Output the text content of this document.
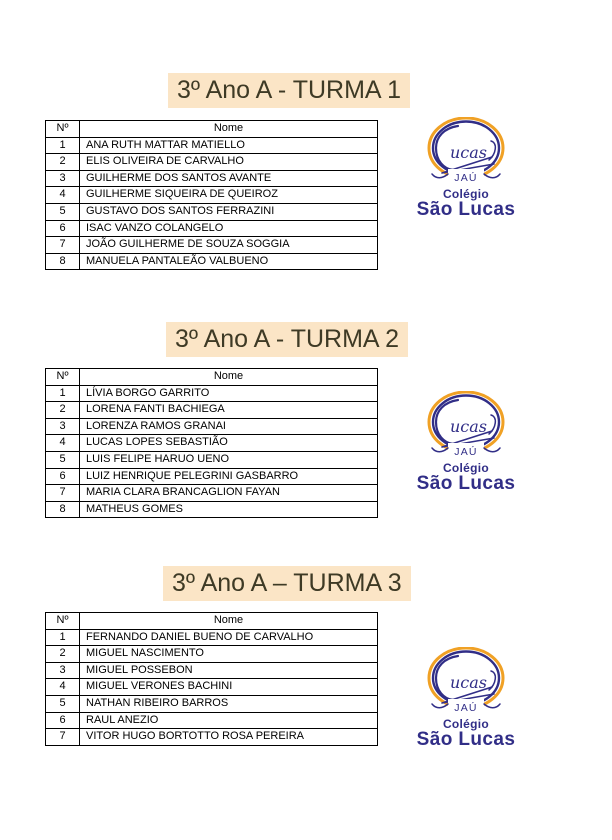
3º Ano A - TURMA 1
Nº	Nome
1	ANA RUTH MATTAR MATIELLO
2	ELIS OLIVEIRA DE CARVALHO
3	GUILHERME DOS SANTOS AVANTE
4	GUILHERME SIQUEIRA DE QUEIROZ
5	GUSTAVO DOS SANTOS FERRAZINI
6	ISAC VANZO COLANGELO
7	JOÃO GUILHERME DE SOUZA SOGGIA
8	MANUELA PANTALEÃO VALBUENO
ucas
JAÚ
Colégio
São Lucas
3º Ano A - TURMA 2
Nº	Nome
1	LÍVIA BORGO GARRITO
2	LORENA FANTI BACHIEGA
3	LORENZA RAMOS GRANAI
4	LUCAS LOPES SEBASTIÃO
5	LUIS FELIPE HARUO UENO
6	LUIZ HENRIQUE PELEGRINI GASBARRO
7	MARIA CLARA BRANCAGLION FAYAN
8	MATHEUS GOMES
ucas
JAÚ
Colégio
São Lucas
3º Ano A – TURMA 3
Nº	Nome
1	FERNANDO DANIEL BUENO DE CARVALHO
2	MIGUEL NASCIMENTO
3	MIGUEL POSSEBON
4	MIGUEL VERONES BACHINI
5	NATHAN RIBEIRO BARROS
6	RAUL ANEZIO
7	VITOR HUGO BORTOTTO ROSA PEREIRA
ucas
JAÚ
Colégio
São Lucas
